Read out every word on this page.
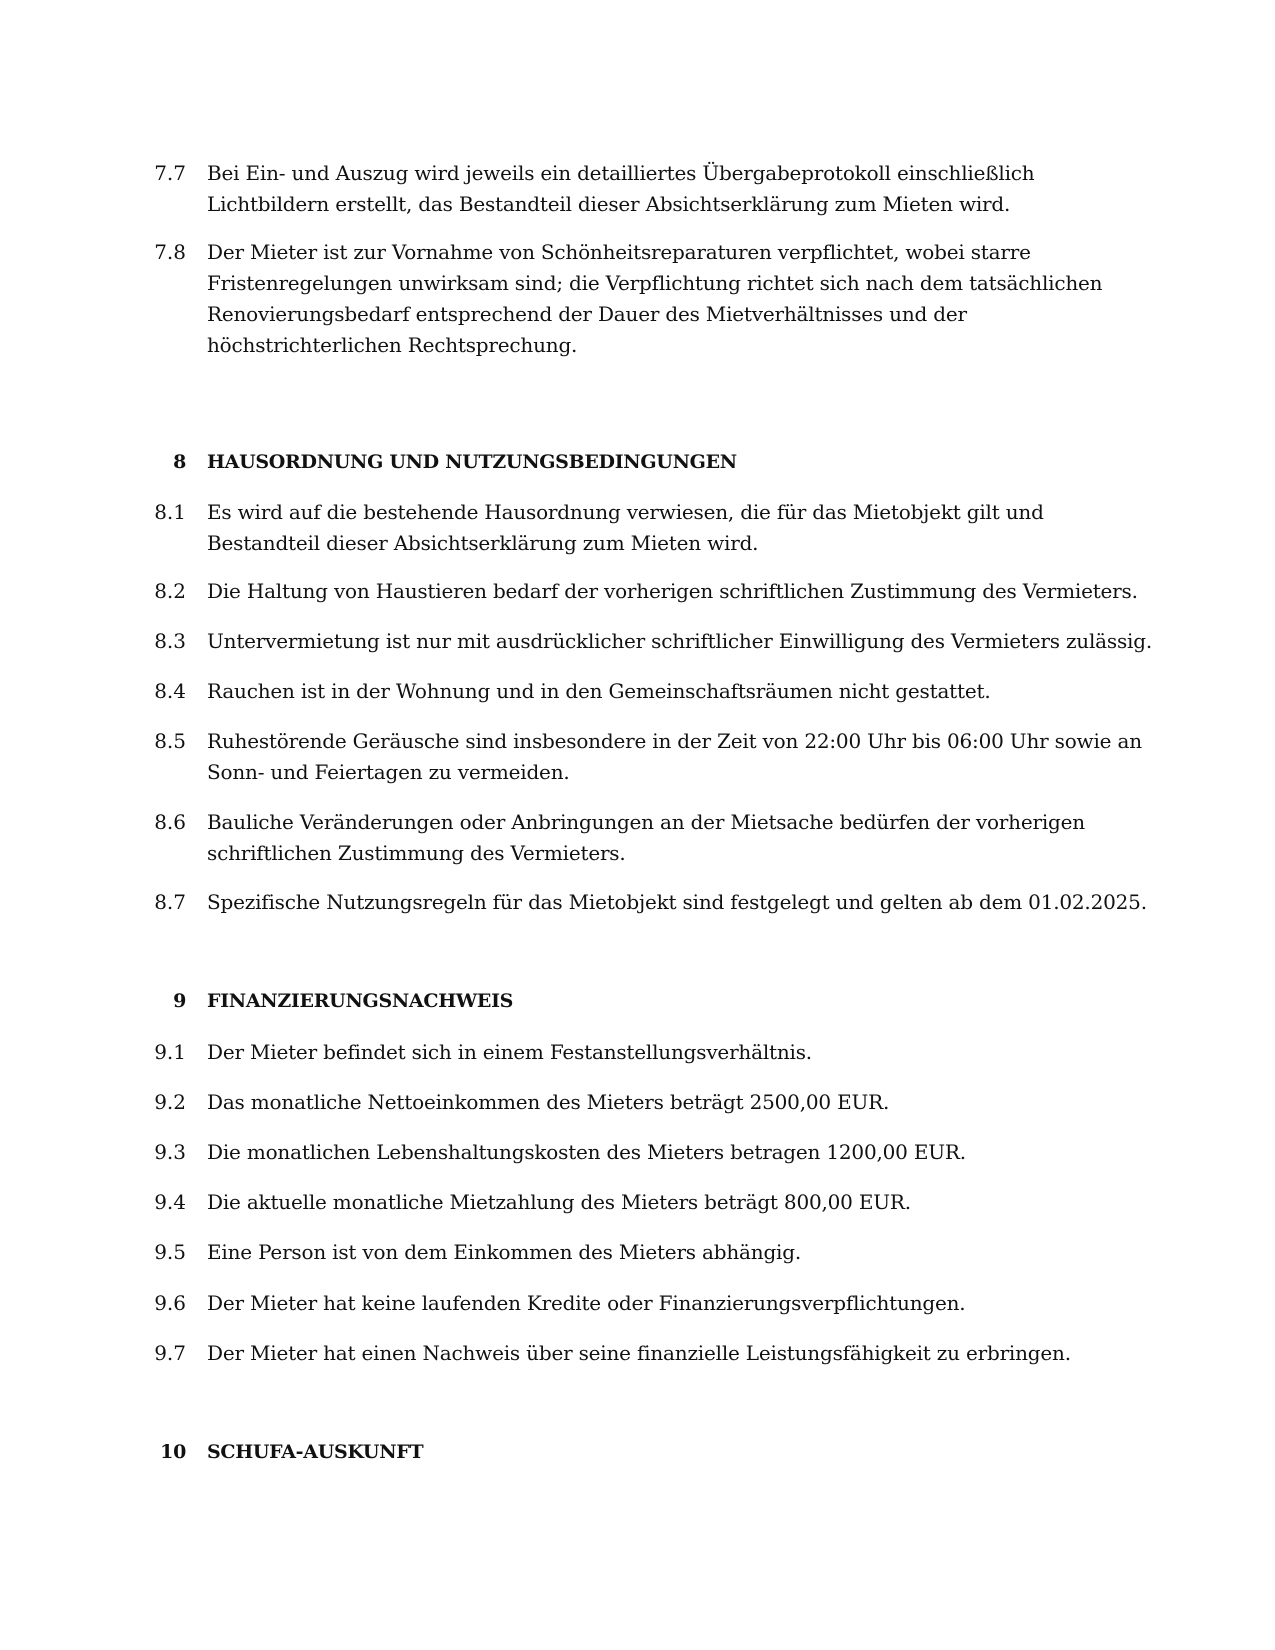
7.7 Bei Ein- und Auszug wird jeweils ein detailliertes Übergabeprotokoll einschließlich
Lichtbildern erstellt, das Bestandteil dieser Absichtserklärung zum Mieten wird.
7.8 Der Mieter ist zur Vornahme von Schönheitsreparaturen verpflichtet, wobei starre
Fristenregelungen unwirksam sind; die Verpflichtung richtet sich nach dem tatsächlichen
Renovierungsbedarf entsprechend der Dauer des Mietverhältnisses und der
höchstrichterlichen Rechtsprechung.
8 HAUSORDNUNG UND NUTZUNGSBEDINGUNGEN
8.1 Es wird auf die bestehende Hausordnung verwiesen, die für das Mietobjekt gilt und
Bestandteil dieser Absichtserklärung zum Mieten wird.
8.2 Die Haltung von Haustieren bedarf der vorherigen schriftlichen Zustimmung des Vermieters.
8.3 Untervermietung ist nur mit ausdrücklicher schriftlicher Einwilligung des Vermieters zulässig.
8.4 Rauchen ist in der Wohnung und in den Gemeinschaftsräumen nicht gestattet.
8.5 Ruhestörende Geräusche sind insbesondere in der Zeit von 22:00 Uhr bis 06:00 Uhr sowie an
Sonn- und Feiertagen zu vermeiden.
8.6 Bauliche Veränderungen oder Anbringungen an der Mietsache bedürfen der vorherigen
schriftlichen Zustimmung des Vermieters.
8.7 Spezifische Nutzungsregeln für das Mietobjekt sind festgelegt und gelten ab dem 01.02.2025.
9 FINANZIERUNGSNACHWEIS
9.1 Der Mieter befindet sich in einem Festanstellungsverhältnis.
9.2 Das monatliche Nettoeinkommen des Mieters beträgt 2500,00 EUR.
9.3 Die monatlichen Lebenshaltungskosten des Mieters betragen 1200,00 EUR.
9.4 Die aktuelle monatliche Mietzahlung des Mieters beträgt 800,00 EUR.
9.5 Eine Person ist von dem Einkommen des Mieters abhängig.
9.6 Der Mieter hat keine laufenden Kredite oder Finanzierungsverpflichtungen.
9.7 Der Mieter hat einen Nachweis über seine finanzielle Leistungsfähigkeit zu erbringen.
10 SCHUFA-AUSKUNFT
